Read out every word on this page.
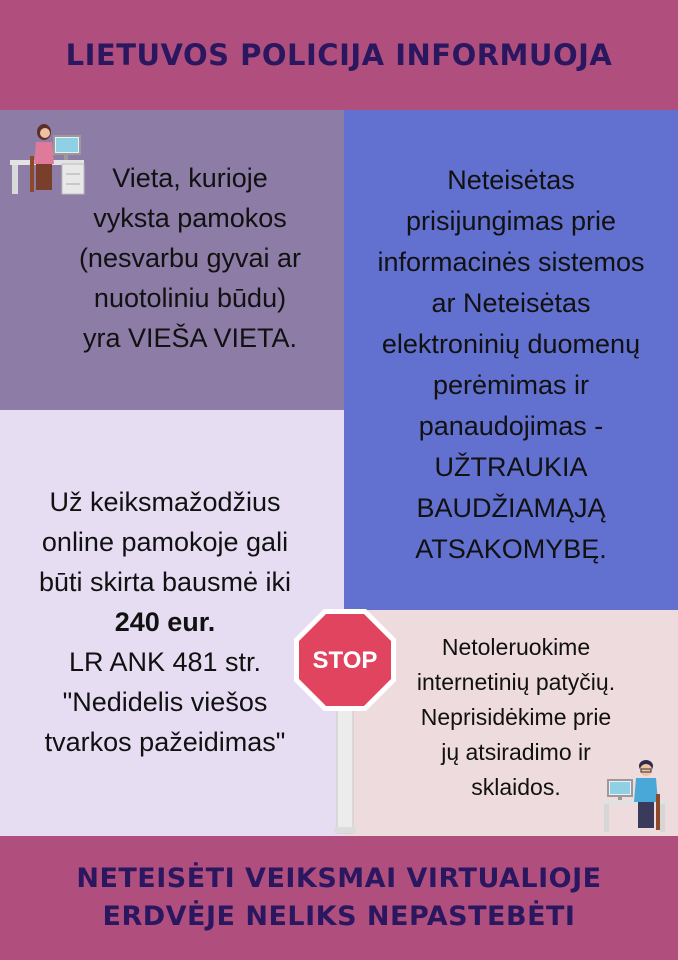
LIETUVOS POLICIJA INFORMUOJA
Vieta, kurioje
vyksta pamokos
(nesvarbu gyvai ar
nuotoliniu būdu)
yra VIEŠA VIETA.
Neteisėtas
prisijungimas prie
informacinės sistemos
ar Neteisėtas
elektroninių duomenų
perėmimas ir
panaudojimas -
UŽTRAUKIA
BAUDŽIAMĄJĄ
ATSAKOMYBĘ.
Už keiksmažodžius
online pamokoje gali
būti skirta bausmė iki
240 eur.
LR ANK 481 str.
"Nedidelis viešos
tvarkos pažeidimas"
STOP	Netoleruokime
internetinių patyčių.
Neprisidėkime prie
jų atsiradimo ir
sklaidos.
NETEISĖTI VEIKSMAI VIRTUALIOJE
ERDVĖJE NELIKS NEPASTEBĖTI
